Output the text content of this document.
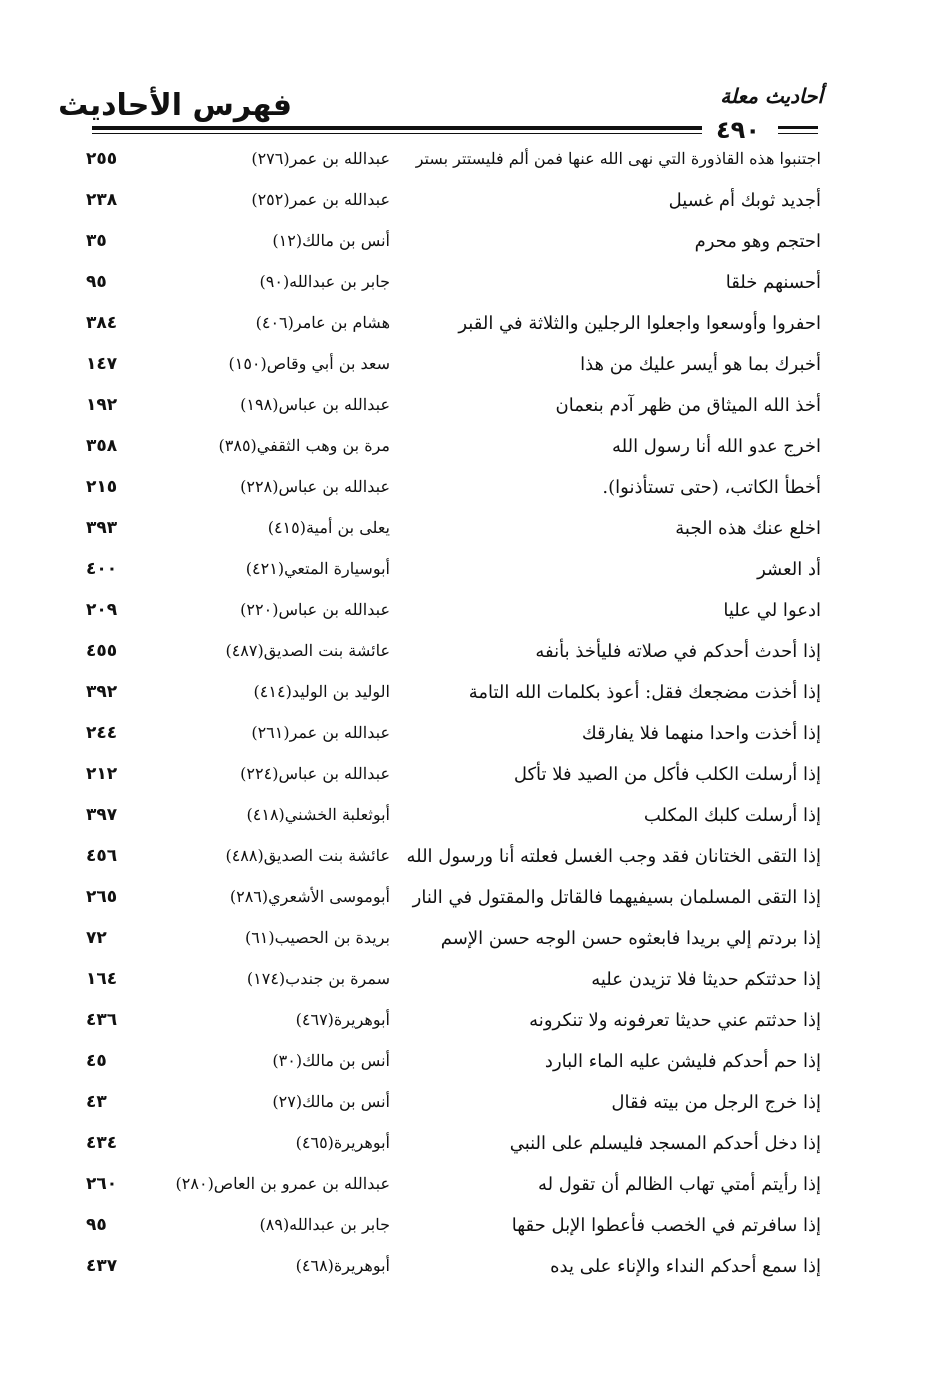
فهرس الأحاديث	أحاديث معلة
٤٩٠
اجتنبوا هذه القاذورة التي نهى الله عنها فمن ألم فليستتر بستر
عبدالله بن عمر(٢٧٦)
٢٥٥
أجديد ثوبك أم غسيل
عبدالله بن عمر(٢٥٢)
٢٣٨
احتجم وهو محرم
أنس بن مالك(١٢)
٣٥
أحسنهم خلقا
جابر بن عبدالله(٩٠)
٩٥
احفروا وأوسعوا واجعلوا الرجلين والثلاثة في القبر
هشام بن عامر(٤٠٦)
٣٨٤
أخبرك بما هو أيسر عليك من هذا
سعد بن أبي وقاص(١٥٠)
١٤٧
أخذ الله الميثاق من ظهر آدم بنعمان
عبدالله بن عباس(١٩٨)
١٩٢
اخرج عدو الله أنا رسول الله
مرة بن وهب الثقفي(٣٨٥)
٣٥٨
أخطأ الكاتب، (حتى تستأذنوا).
عبدالله بن عباس(٢٢٨)
٢١٥
اخلع عنك هذه الجبة
يعلى بن أمية(٤١٥)
٣٩٣
أد العشر
أبوسيارة المتعي(٤٢١)
٤٠٠
ادعوا لي عليا
عبدالله بن عباس(٢٢٠)
٢٠٩
إذا أحدث أحدكم في صلاته فليأخذ بأنفه
عائشة بنت الصديق(٤٨٧)
٤٥٥
إذا أخذت مضجعك فقل: أعوذ بكلمات الله التامة
الوليد بن الوليد(٤١٤)
٣٩٢
إذا أخذت واحدا منهما فلا يفارقك
عبدالله بن عمر(٢٦١)
٢٤٤
إذا أرسلت الكلب فأكل من الصيد فلا تأكل
عبدالله بن عباس(٢٢٤)
٢١٢
إذا أرسلت كلبك المكلب
أبوثعلبة الخشني(٤١٨)
٣٩٧
إذا التقى الختانان فقد وجب الغسل فعلته أنا ورسول الله
عائشة بنت الصديق(٤٨٨)
٤٥٦
إذا التقى المسلمان بسيفيهما فالقاتل والمقتول في النار
أبوموسى الأشعري(٢٨٦)
٢٦٥
إذا بردتم إلي بريدا فابعثوه حسن الوجه حسن الإسم
بريدة بن الحصيب(٦١)
٧٢
إذا حدثتكم حديثا فلا تزيدن عليه
سمرة بن جندب(١٧٤)
١٦٤
إذا حدثتم عني حديثا تعرفونه ولا تنكرونه
أبوهريرة(٤٦٧)
٤٣٦
إذا حم أحدكم فليشن عليه الماء البارد
أنس بن مالك(٣٠)
٤٥
إذا خرج الرجل من بيته فقال
أنس بن مالك(٢٧)
٤٣
إذا دخل أحدكم المسجد فليسلم على النبي
أبوهريرة(٤٦٥)
٤٣٤
إذا رأيتم أمتي تهاب الظالم أن تقول له
عبدالله بن عمرو بن العاص(٢٨٠)
٢٦٠
إذا سافرتم في الخصب فأعطوا الإبل حقها
جابر بن عبدالله(٨٩)
٩٥
إذا سمع أحدكم النداء والإناء على يده
أبوهريرة(٤٦٨)
٤٣٧
